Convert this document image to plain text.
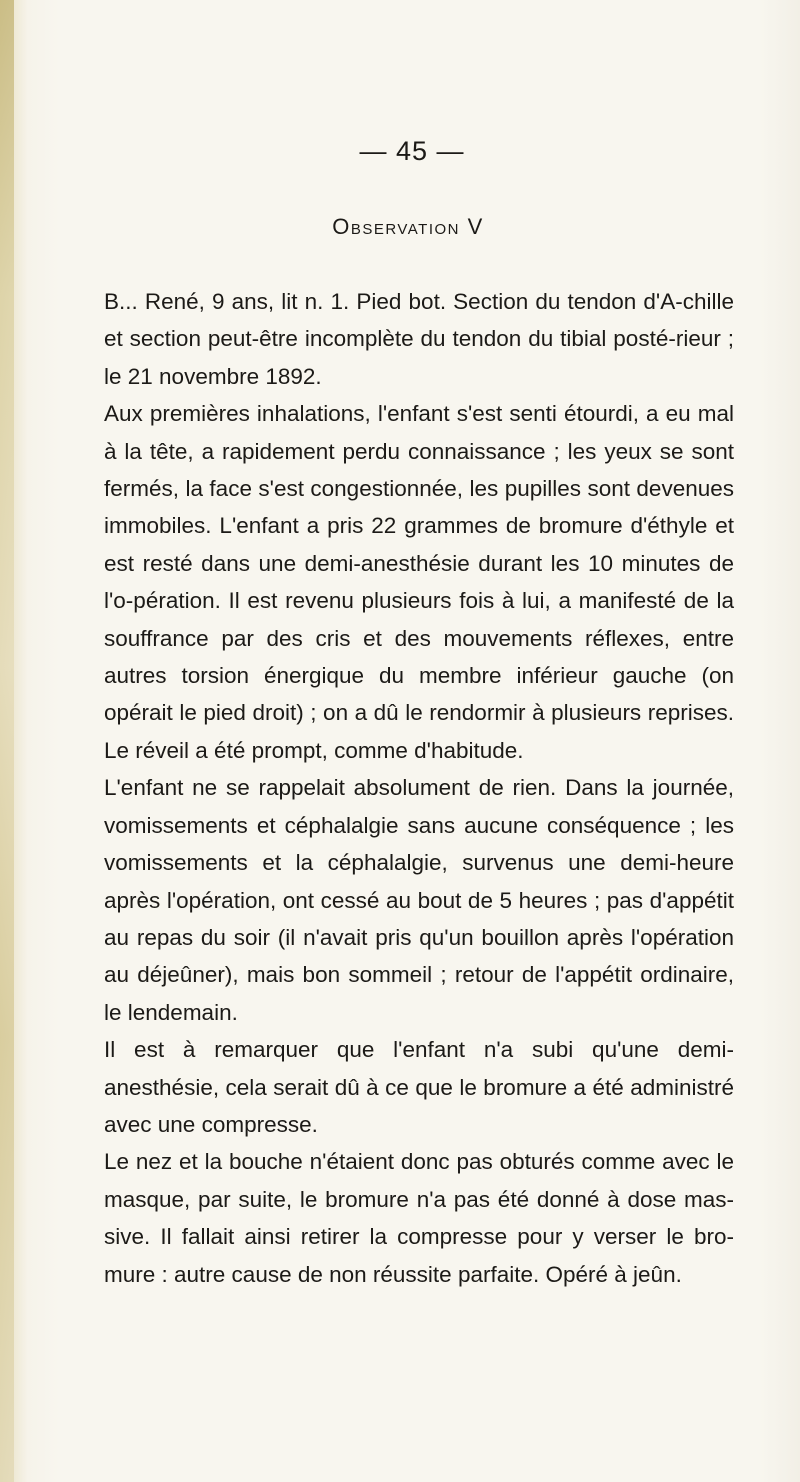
— 45 —
Observation V

B... René, 9 ans, lit n. 1. Pied bot. Section du tendon d'A-chille et section peut-être incomplète du tendon du tibial posté-rieur ; le 21 novembre 1892.

Aux premières inhalations, l'enfant s'est senti étourdi, a eu mal à la tête, a rapidement perdu connaissance ; les yeux se sont fermés, la face s'est congestionnée, les pupilles sont devenues immobiles. L'enfant a pris 22 grammes de bromure d'éthyle et est resté dans une demi-anesthésie durant les 10 minutes de l'o-pération. Il est revenu plusieurs fois à lui, a manifesté de la souffrance par des cris et des mouvements réflexes, entre autres torsion énergique du membre inférieur gauche (on opérait le pied droit) ; on a dû le rendormir à plusieurs reprises. Le réveil a été prompt, comme d'habitude.

L'enfant ne se rappelait absolument de rien. Dans la journée, vomissements et céphalalgie sans aucune conséquence ; les vomissements et la céphalalgie, survenus une demi-heure après l'opération, ont cessé au bout de 5 heures ; pas d'appétit au repas du soir (il n'avait pris qu'un bouillon après l'opération au déjeûner), mais bon sommeil ; retour de l'appétit ordinaire, le lendemain.

Il est à remarquer que l'enfant n'a subi qu'une demi-anesthésie, cela serait dû à ce que le bromure a été administré avec une compresse.

Le nez et la bouche n'étaient donc pas obturés comme avec le masque, par suite, le bromure n'a pas été donné à dose mas-sive. Il fallait ainsi retirer la compresse pour y verser le bro-mure : autre cause de non réussite parfaite. Opéré à jeûn.
